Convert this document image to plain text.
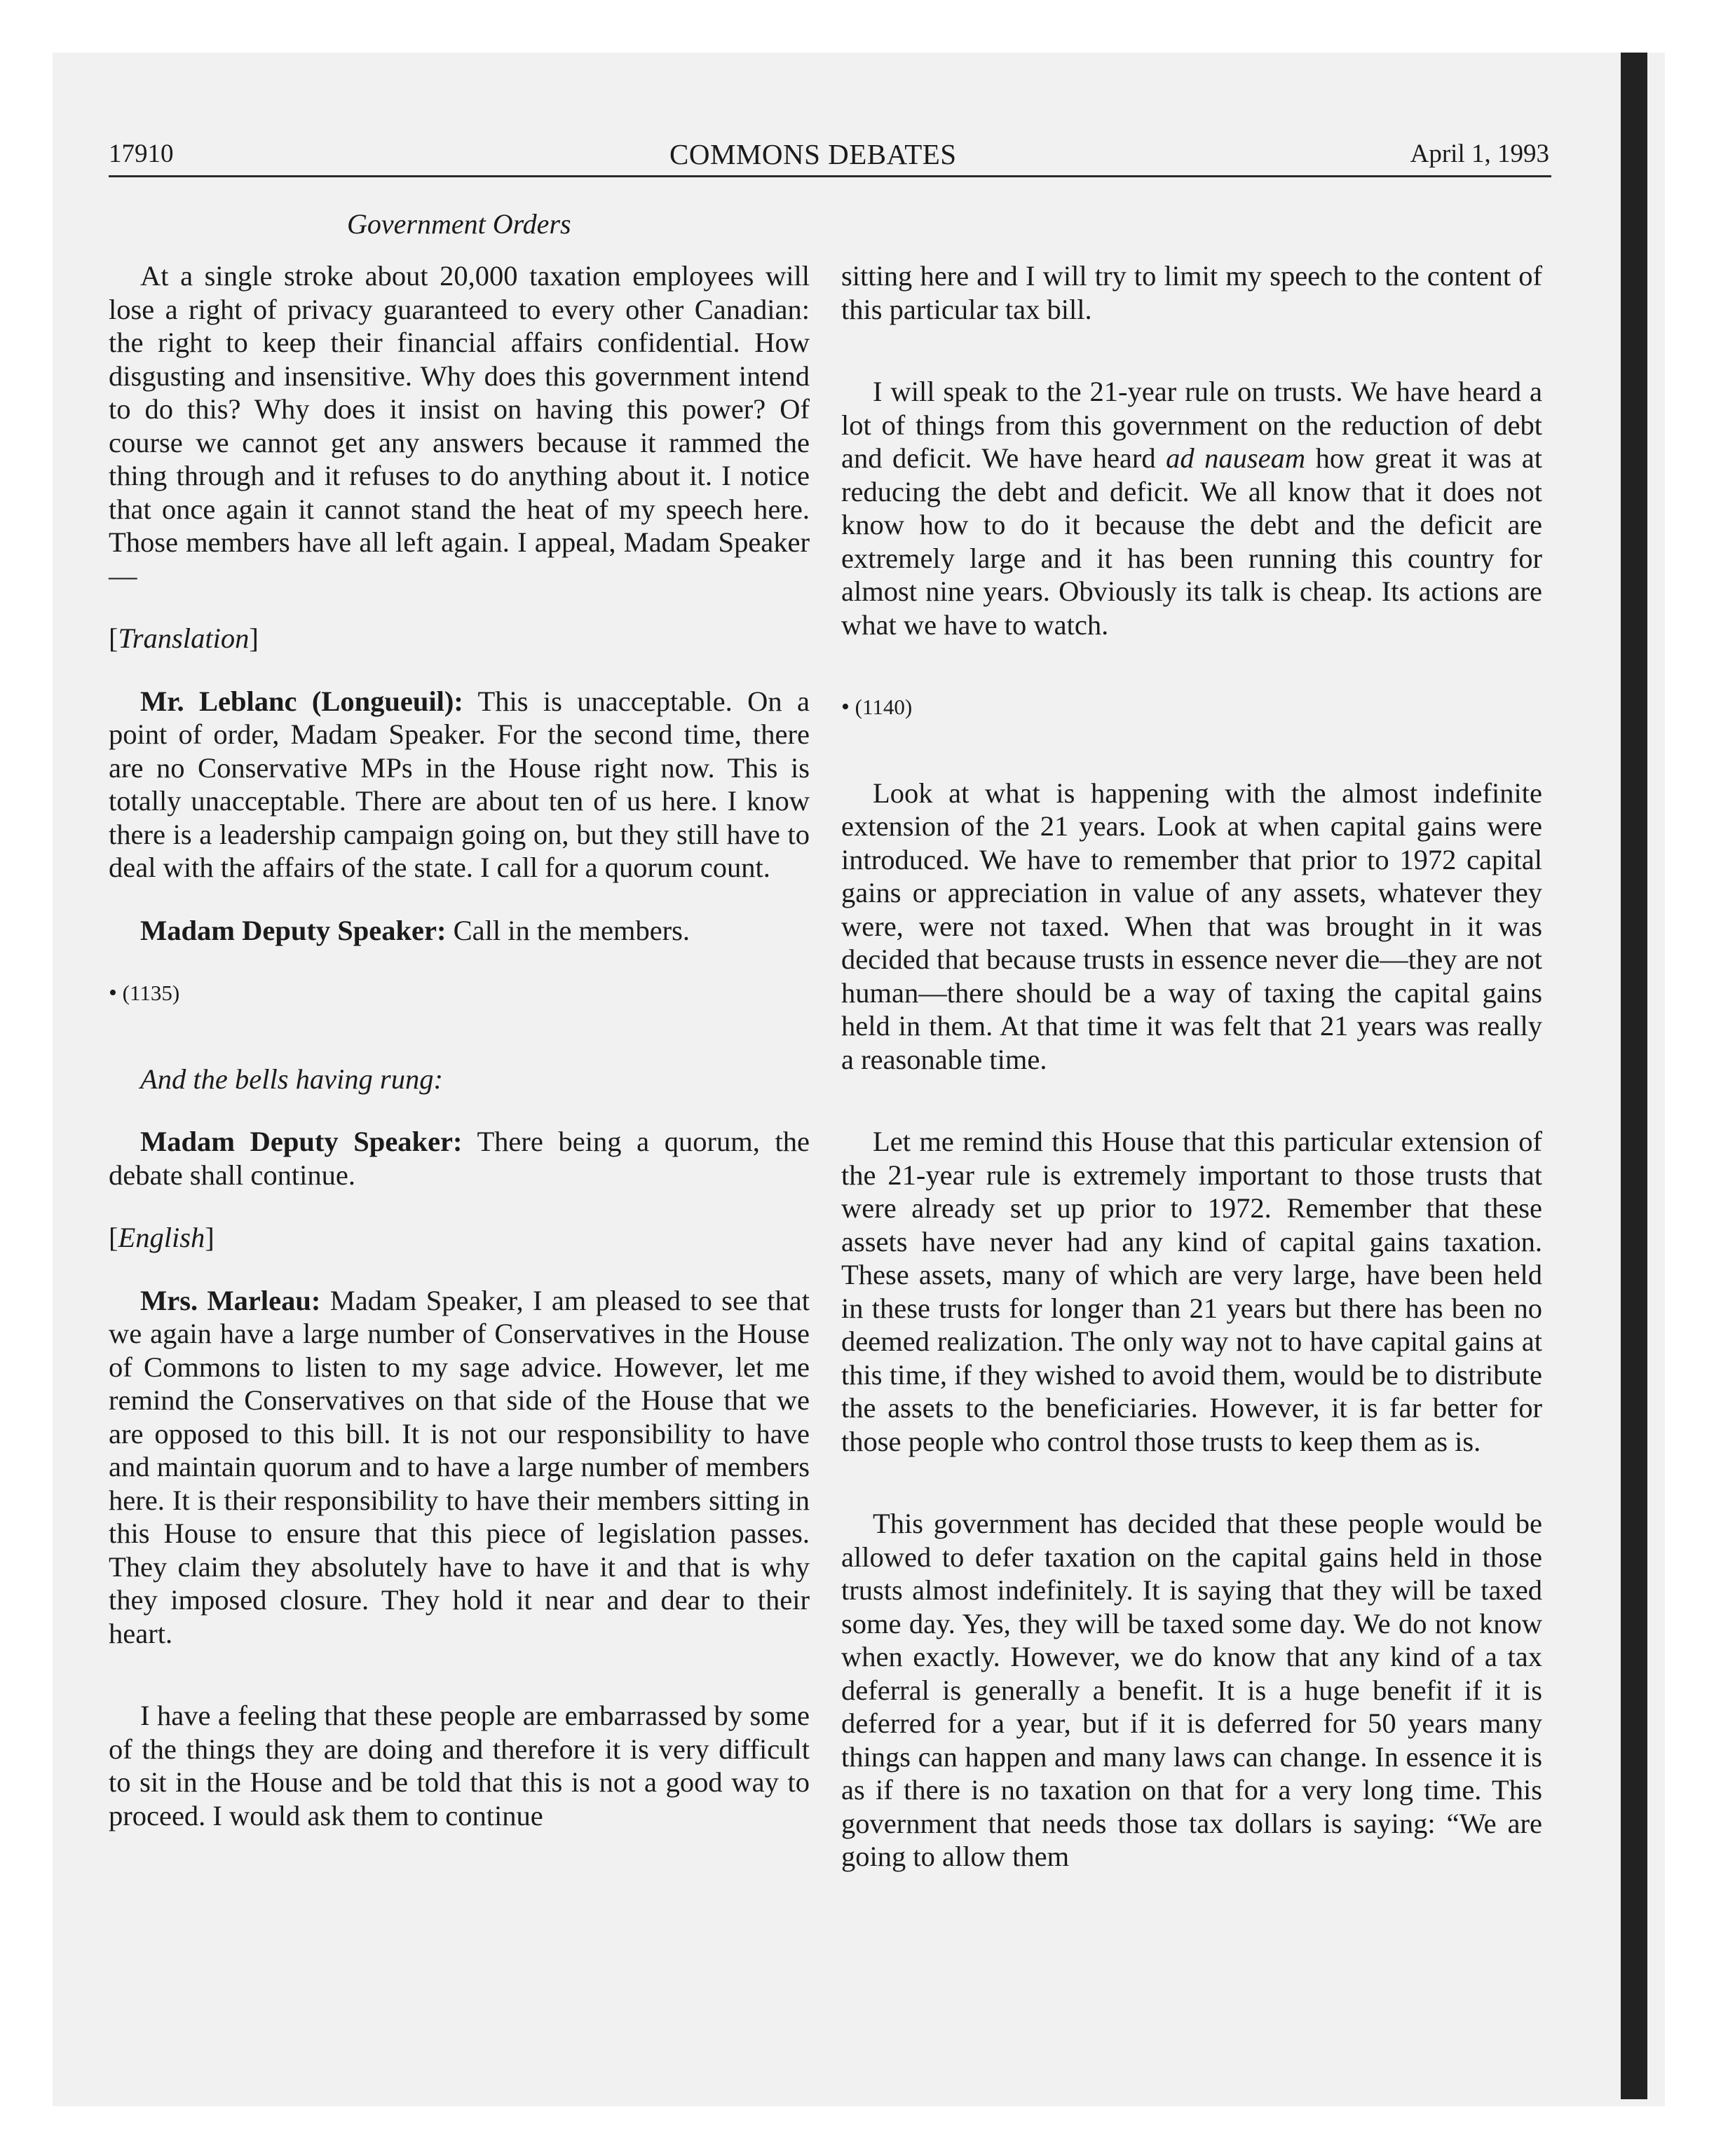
17910	COMMONS DEBATES	April 1, 1993
Government Orders

At a single stroke about 20,000 taxation employees will lose a right of privacy guaranteed to every other Canadian: the right to keep their financial affairs confidential. How disgusting and insensitive. Why does this government intend to do this? Why does it insist on having this power? Of course we cannot get any answers because it rammed the thing through and it refuses to do anything about it. I notice that once again it cannot stand the heat of my speech here. Those members have all left again. I appeal, Madam Speaker—

[Translation]

Mr. Leblanc (Longueuil): This is unacceptable. On a point of order, Madam Speaker. For the second time, there are no Conservative MPs in the House right now. This is totally unacceptable. There are about ten of us here. I know there is a leadership campaign going on, but they still have to deal with the affairs of the state. I call for a quorum count.

Madam Deputy Speaker: Call in the members.

• (1135)

And the bells having rung:

Madam Deputy Speaker: There being a quorum, the debate shall continue.

[English]

Mrs. Marleau: Madam Speaker, I am pleased to see that we again have a large number of Conservatives in the House of Commons to listen to my sage advice. However, let me remind the Conservatives on that side of the House that we are opposed to this bill. It is not our responsibility to have and maintain quorum and to have a large number of members here. It is their responsibility to have their members sitting in this House to ensure that this piece of legislation passes. They claim they absolutely have to have it and that is why they imposed closure. They hold it near and dear to their heart.

I have a feeling that these people are embarrassed by some of the things they are doing and therefore it is very difficult to sit in the House and be told that this is not a good way to proceed. I would ask them to continue

sitting here and I will try to limit my speech to the content of this particular tax bill.

I will speak to the 21-year rule on trusts. We have heard a lot of things from this government on the reduction of debt and deficit. We have heard ad nauseam how great it was at reducing the debt and deficit. We all know that it does not know how to do it because the debt and the deficit are extremely large and it has been running this country for almost nine years. Obviously its talk is cheap. Its actions are what we have to watch.

• (1140)

Look at what is happening with the almost indefinite extension of the 21 years. Look at when capital gains were introduced. We have to remember that prior to 1972 capital gains or appreciation in value of any assets, whatever they were, were not taxed. When that was brought in it was decided that because trusts in essence never die—they are not human—there should be a way of taxing the capital gains held in them. At that time it was felt that 21 years was really a reasonable time.

Let me remind this House that this particular extension of the 21-year rule is extremely important to those trusts that were already set up prior to 1972. Remember that these assets have never had any kind of capital gains taxation. These assets, many of which are very large, have been held in these trusts for longer than 21 years but there has been no deemed realization. The only way not to have capital gains at this time, if they wished to avoid them, would be to distribute the assets to the beneficiaries. However, it is far better for those people who control those trusts to keep them as is.

This government has decided that these people would be allowed to defer taxation on the capital gains held in those trusts almost indefinitely. It is saying that they will be taxed some day. Yes, they will be taxed some day. We do not know when exactly. However, we do know that any kind of a tax deferral is generally a benefit. It is a huge benefit if it is deferred for a year, but if it is deferred for 50 years many things can happen and many laws can change. In essence it is as if there is no taxation on that for a very long time. This government that needs those tax dollars is saying: “We are going to allow them
